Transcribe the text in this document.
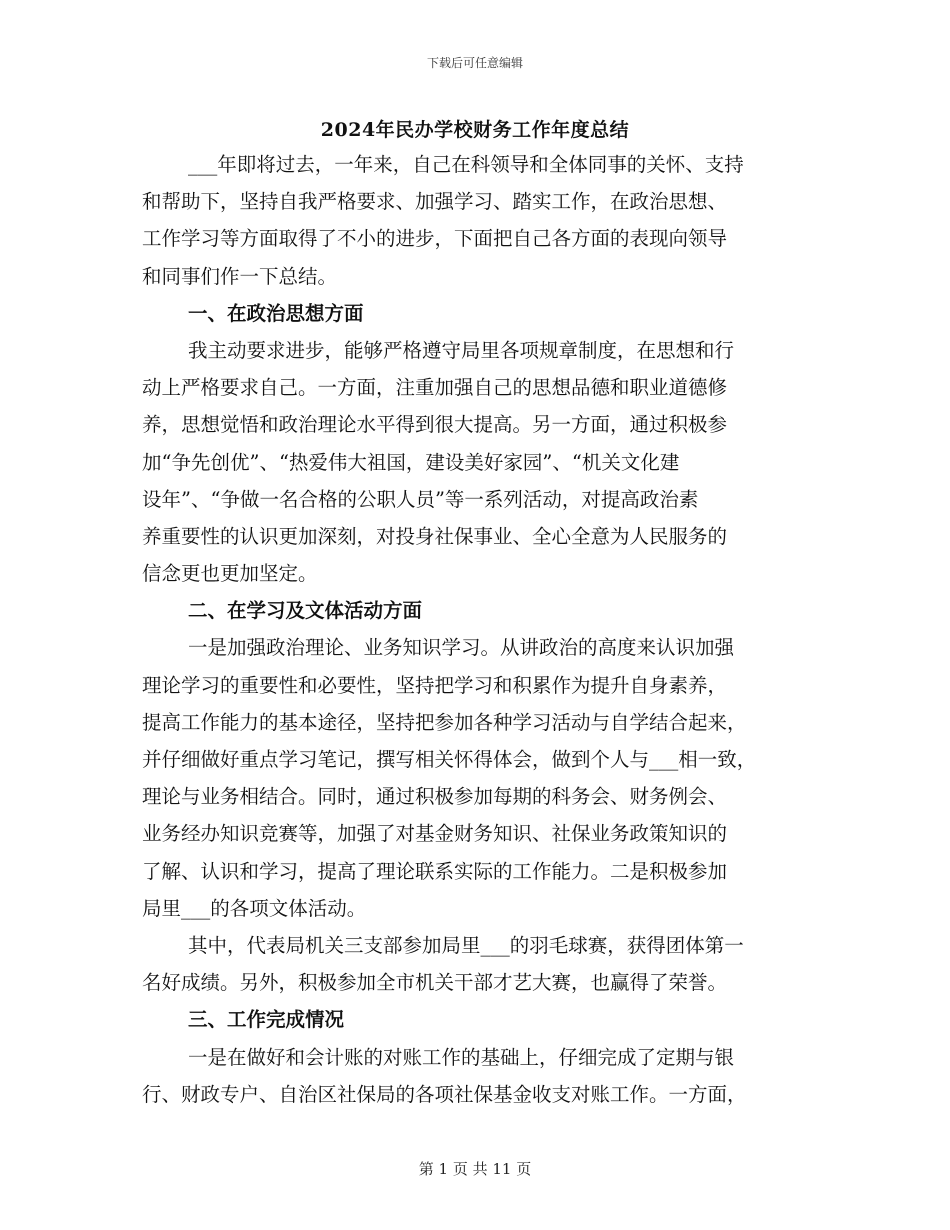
下载后可任意编辑
2024年民办学校财务工作年度总结
___年即将过去，一年来，自己在科领导和全体同事的关怀、支持
和帮助下，坚持自我严格要求、加强学习、踏实工作，在政治思想、
工作学习等方面取得了不小的进步，下面把自己各方面的表现向领导
和同事们作一下总结。
一、在政治思想方面
我主动要求进步，能够严格遵守局里各项规章制度，在思想和行
动上严格要求自己。一方面，注重加强自己的思想品德和职业道德修
养，思想觉悟和政治理论水平得到很大提高。另一方面，通过积极参
加“争先创优”、“热爱伟大祖国，建设美好家园”、“机关文化建
设年”、“争做一名合格的公职人员”等一系列活动，对提高政治素
养重要性的认识更加深刻，对投身社保事业、全心全意为人民服务的
信念更也更加坚定。
二、在学习及文体活动方面
一是加强政治理论、业务知识学习。从讲政治的高度来认识加强
理论学习的重要性和必要性，坚持把学习和积累作为提升自身素养，
提高工作能力的基本途径，坚持把参加各种学习活动与自学结合起来，
并仔细做好重点学习笔记，撰写相关怀得体会，做到个人与___相一致，
理论与业务相结合。同时，通过积极参加每期的科务会、财务例会、
业务经办知识竞赛等，加强了对基金财务知识、社保业务政策知识的
了解、认识和学习，提高了理论联系实际的工作能力。二是积极参加
局里___的各项文体活动。
其中，代表局机关三支部参加局里___的羽毛球赛，获得团体第一
名好成绩。另外，积极参加全市机关干部才艺大赛，也赢得了荣誉。
三、工作完成情况
一是在做好和会计账的对账工作的基础上，仔细完成了定期与银
行、财政专户、自治区社保局的各项社保基金收支对账工作。一方面，
第 1 页 共 11 页
